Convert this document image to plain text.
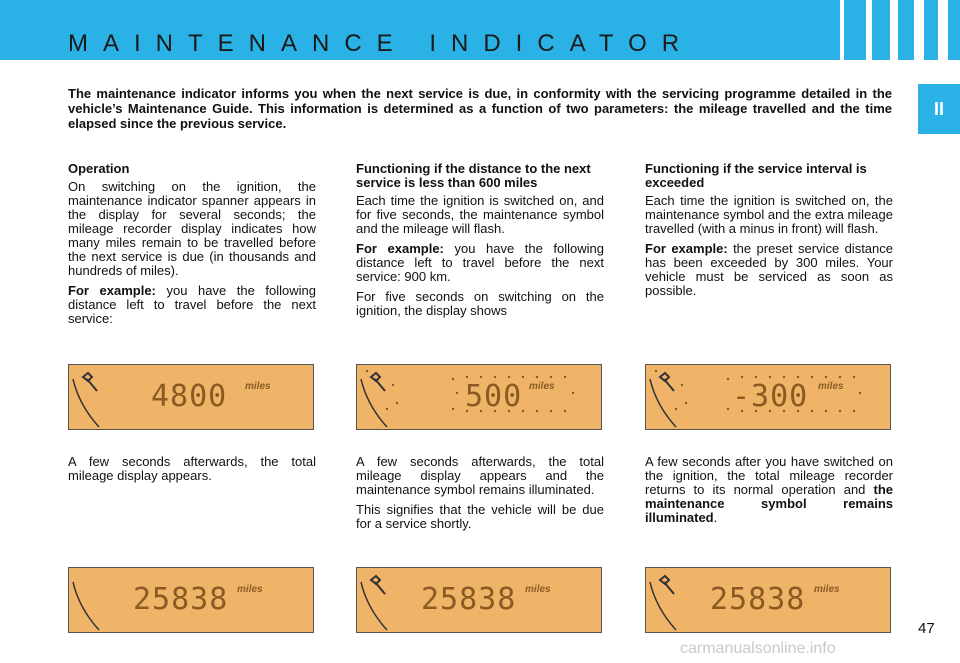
MAINTENANCE INDICATOR
II
The maintenance indicator informs you when the next service is due, in conformity with the servicing programme detailed in the vehicle’s Maintenance Guide. This information is determined as a function of two parameters: the mileage travelled and the time elapsed since the previous service.
Operation

On switching on the ignition, the maintenance indicator spanner appears in the display for several seconds; the mileage recorder display indicates how many miles remain to be travelled before the next service is due (in thousands and hundreds of miles).

For example: you have the following distance left to travel before the next service:

A few seconds afterwards, the total mileage display appears.

Functioning if the distance to the next service is less than 600 miles

Each time the ignition is switched on, and for five seconds, the maintenance symbol and the mileage will flash.

For example: you have the following distance left to travel before the next service: 900 km.

For five seconds on switching on the ignition, the display shows

A few seconds afterwards, the total mileage display appears and the maintenance symbol remains illuminated.

This signifies that the vehicle will be due for a service shortly.

Functioning if the service interval is exceeded

Each time the ignition is switched on, the maintenance symbol and the extra mileage travelled (with a minus in front) will flash.

For example: the preset service distance has been exceeded by 300 miles. Your vehicle must be serviced as soon as possible.

A few seconds after you have switched on the ignition, the total mileage recorder returns to its normal operation and the maintenance symbol remains illuminated.

4800 miles	500 miles	-300 miles
25838 miles	25838 miles	25838 miles
47
carmanualsonline.info
